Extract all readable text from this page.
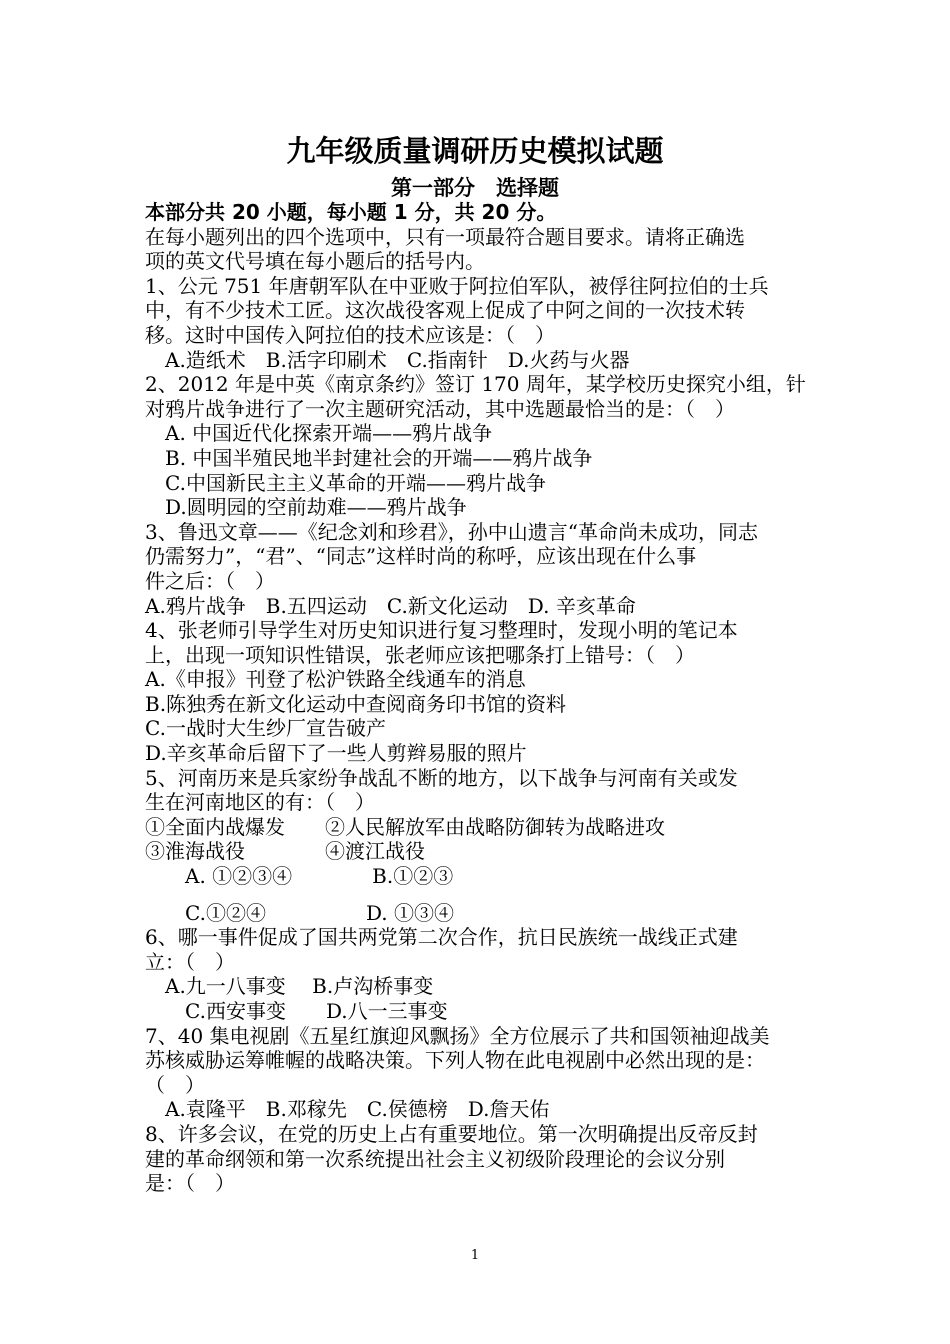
九年级质量调研历史模拟试题
第一部分　选择题

本部分共 20 小题，每小题 1 分，共 20 分。

在每小题列出的四个选项中，只有一项最符合题目要求。请将正确选

项的英文代号填在每小题后的括号内。

1、公元 751 年唐朝军队在中亚败于阿拉伯军队，被俘往阿拉伯的士兵

中，有不少技术工匠。这次战役客观上促成了中阿之间的一次技术转

移。这时中国传入阿拉伯的技术应该是：（　）

　A.造纸术　B.活字印刷术　C.指南针　D.火药与火器

2、2012 年是中英《南京条约》签订 170 周年，某学校历史探究小组，针

对鸦片战争进行了一次主题研究活动，其中选题最恰当的是：（　）

　A. 中国近代化探索开端——鸦片战争

　B. 中国半殖民地半封建社会的开端——鸦片战争

　C.中国新民主主义革命的开端——鸦片战争

　D.圆明园的空前劫难——鸦片战争

3、鲁迅文章——《纪念刘和珍君》，孙中山遗言“革命尚未成功，同志

仍需努力”，“君”、“同志”这样时尚的称呼，应该出现在什么事

件之后：（　）

A.鸦片战争　B.五四运动　C.新文化运动　D. 辛亥革命

4、张老师引导学生对历史知识进行复习整理时，发现小明的笔记本

上，出现一项知识性错误，张老师应该把哪条打上错号：（　）

A.《申报》刊登了松沪铁路全线通车的消息

B.陈独秀在新文化运动中查阅商务印书馆的资料

C.一战时大生纱厂宣告破产

D.辛亥革命后留下了一些人剪辫易服的照片

5、河南历来是兵家纷争战乱不断的地方，以下战争与河南有关或发

生在河南地区的有：（　）

①全面内战爆发　　②人民解放军由战略防御转为战略进攻

③淮海战役　　　　④渡江战役

　　A. ①②③④　　　　B.①②③

　　C.①②④　　　　　D. ①③④

6、哪一事件促成了国共两党第二次合作，抗日民族统一战线正式建

立：（　）

　A.九一八事变　 B.卢沟桥事变

　　C.西安事变　　D.八一三事变

7、40 集电视剧《五星红旗迎风飘扬》全方位展示了共和国领袖迎战美

苏核威胁运筹帷幄的战略决策。下列人物在此电视剧中必然出现的是：

（　）

　A.袁隆平　B.邓稼先　C.侯德榜　D.詹天佑

8、许多会议，在党的历史上占有重要地位。第一次明确提出反帝反封

建的革命纲领和第一次系统提出社会主义初级阶段理论的会议分别

是：（　）

1
